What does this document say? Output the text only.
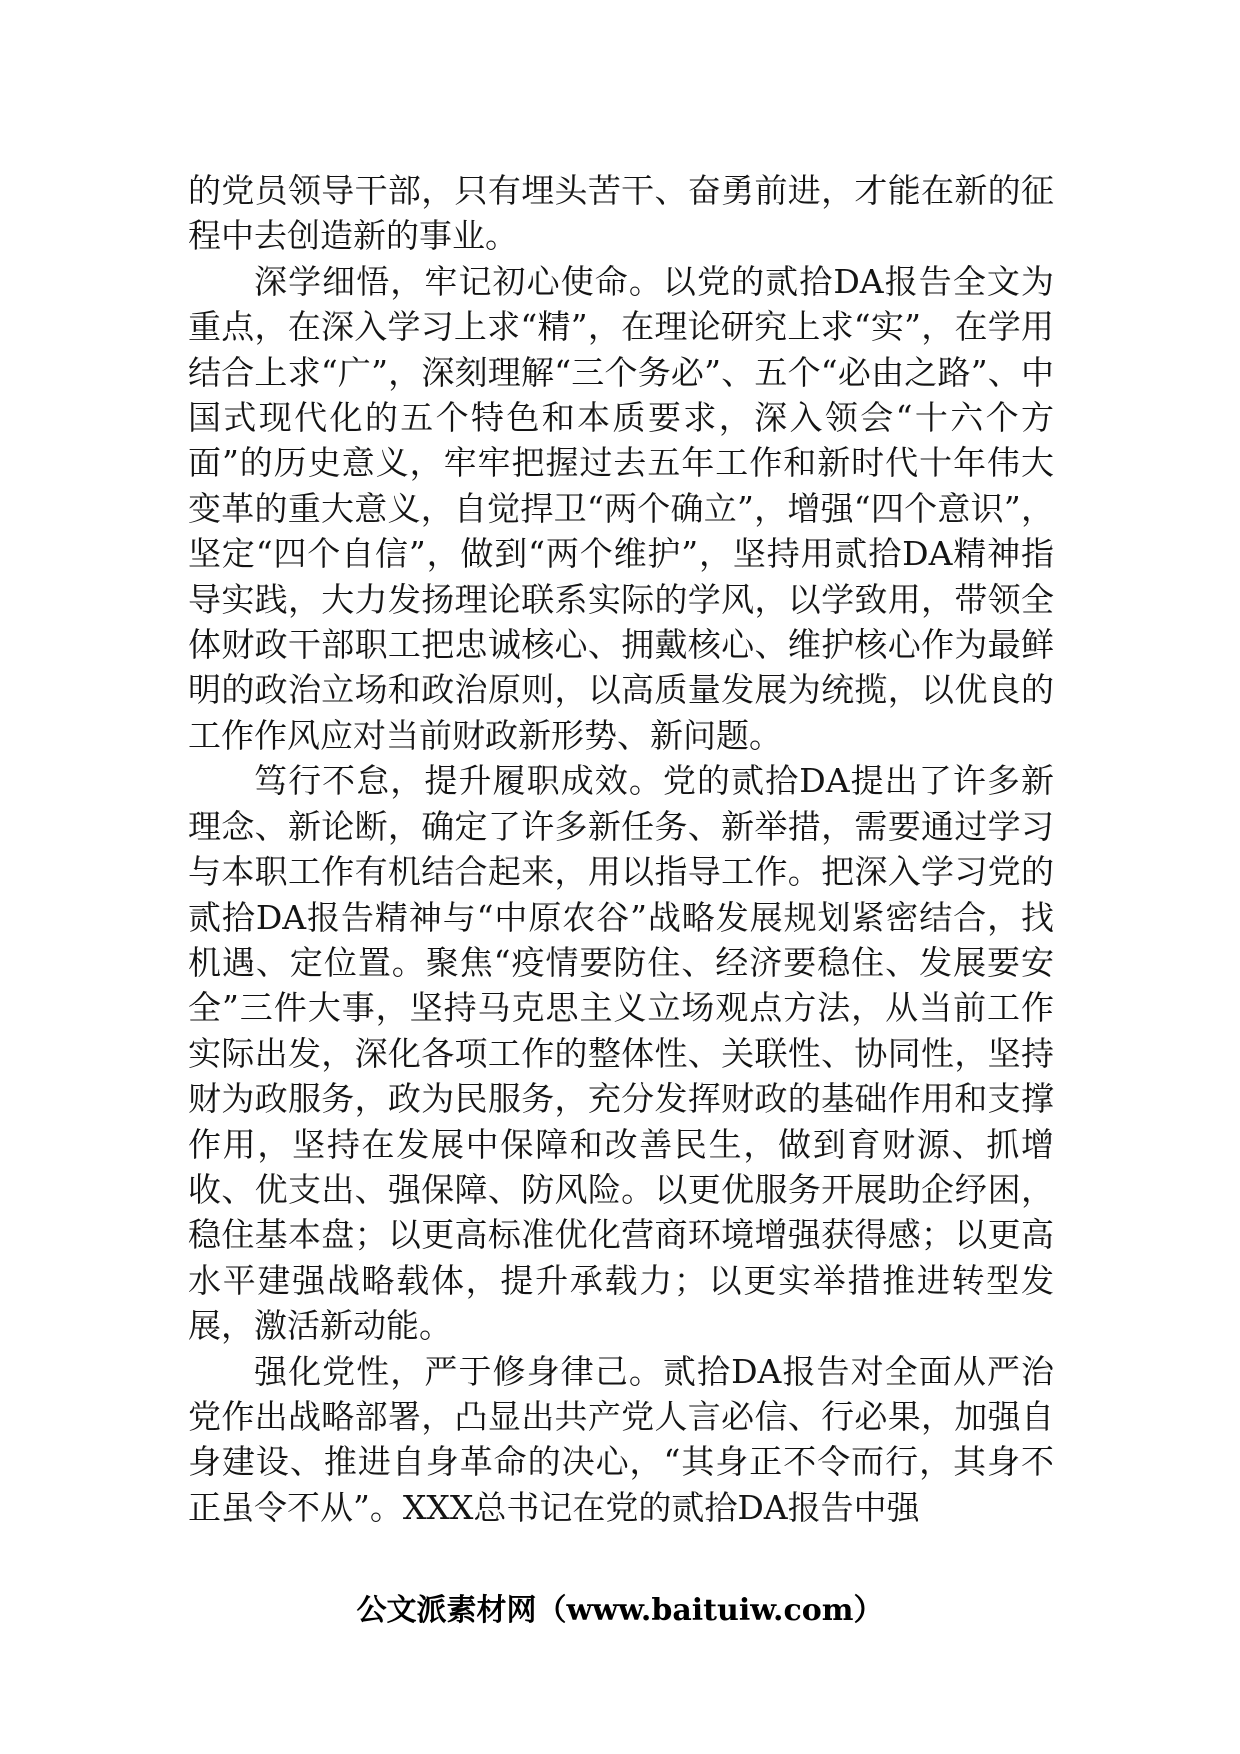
的党员领导干部，只有埋头苦干、奋勇前进，才能在新的征程中去创造新的事业。

深学细悟，牢记初心使命。以党的贰拾DA报告全文为重点，在深入学习上求“精”，在理论研究上求“实”，在学用结合上求“广”，深刻理解“三个务必”、五个“必由之路”、中国式现代化的五个特色和本质要求，深入领会“十六个方面”的历史意义，牢牢把握过去五年工作和新时代十年伟大变革的重大意义，自觉捍卫“两个确立”，增强“四个意识”，坚定“四个自信”，做到“两个维护”，坚持用贰拾DA精神指导实践，大力发扬理论联系实际的学风，以学致用，带领全体财政干部职工把忠诚核心、拥戴核心、维护核心作为最鲜明的政治立场和政治原则，以高质量发展为统揽，以优良的工作作风应对当前财政新形势、新问题。

笃行不怠，提升履职成效。党的贰拾DA提出了许多新理念、新论断，确定了许多新任务、新举措，需要通过学习与本职工作有机结合起来，用以指导工作。把深入学习党的贰拾DA报告精神与“中原农谷”战略发展规划紧密结合，找机遇、定位置。聚焦“疫情要防住、经济要稳住、发展要安全”三件大事，坚持马克思主义立场观点方法，从当前工作实际出发，深化各项工作的整体性、关联性、协同性，坚持财为政服务，政为民服务，充分发挥财政的基础作用和支撑作用，坚持在发展中保障和改善民生，做到育财源、抓增收、优支出、强保障、防风险。以更优服务开展助企纾困，稳住基本盘；以更高标准优化营商环境增强获得感；以更高水平建强战略载体，提升承载力；以更实举措推进转型发展，激活新动能。

强化党性，严于修身律己。贰拾DA报告对全面从严治党作出战略部署，凸显出共产党人言必信、行必果，加强自身建设、推进自身革命的决心，“其身正不令而行，其身不正虽令不从”。XXX总书记在党的贰拾DA报告中强

公文派素材网（www.baituiw.com）
